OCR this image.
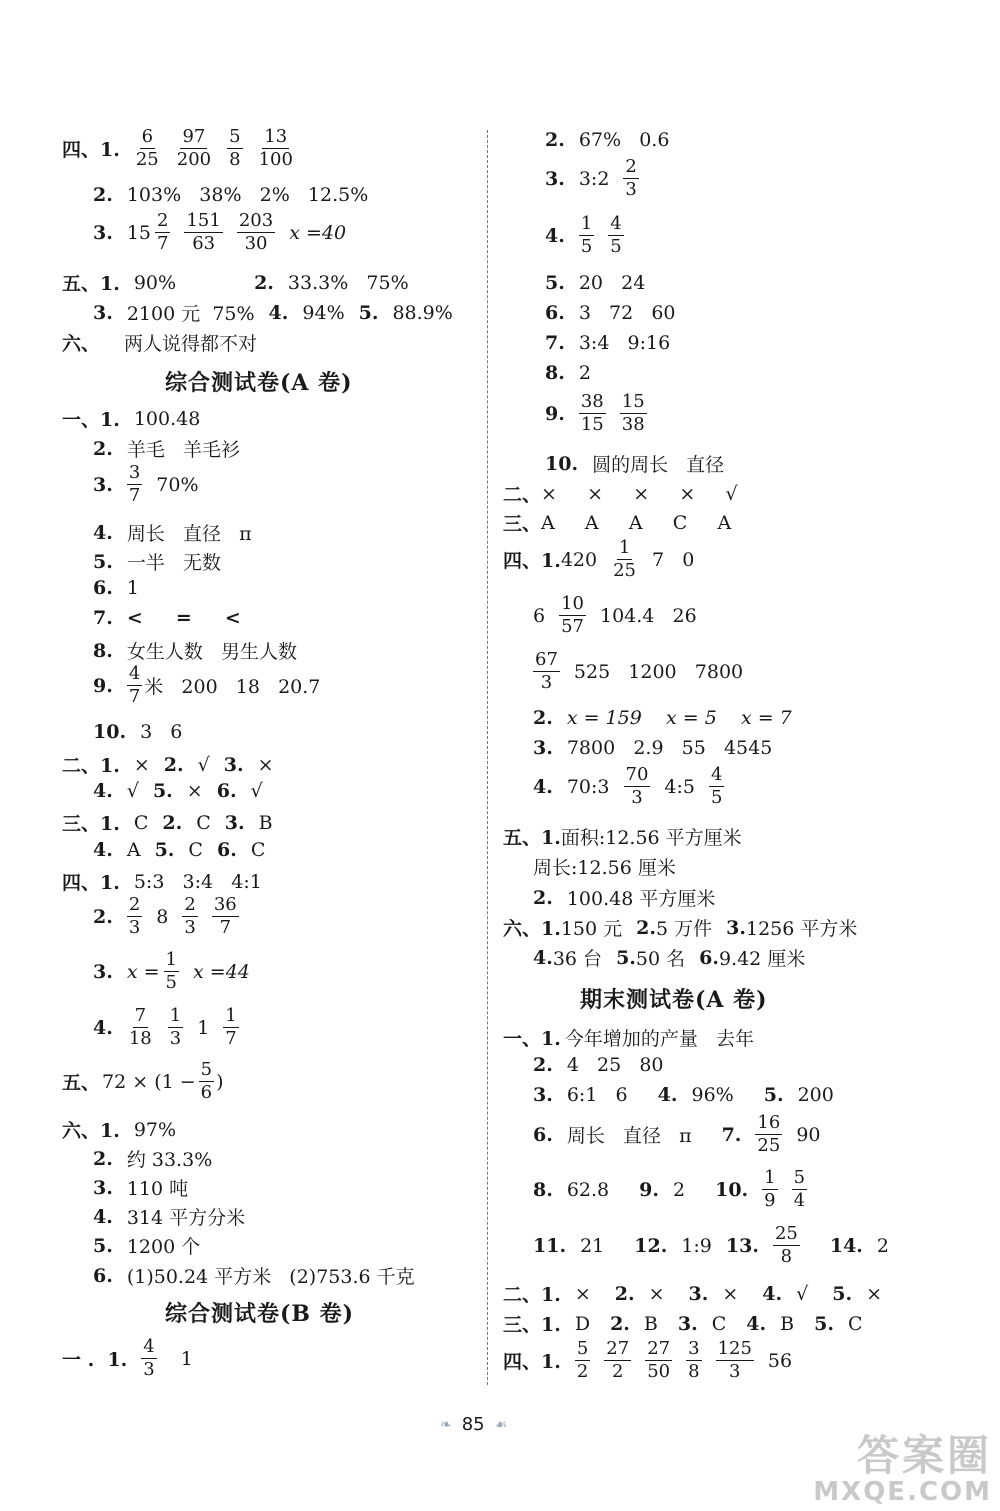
四、1.
6
25
97
200
5
8
13
100
2. 103%   38%   2%   12.5%
3. 15
2
7
151
63
203
30 x =40
五、1. 90%	2. 33.3%   75%
3. 2100 元  75% 4. 94% 5. 88.9%
六、 两人说得都不对
综合测试卷(A 卷)
一、1. 100.48
2. 羊毛   羊毛衫
3.
3
7 70%
4. 周长   直径   π
5. 一半   无数
6. 1
7. <     =     <
8. 女生人数   男生人数
9.
4
7 米   200   18   20.7
10. 3   6
二、1. × 2. √ 3. ×
4. √ 5. × 6. √
三、1. C 2. C 3. B
4. A 5. C 6. C
四、1. 5:3   3:4   4:1
2.
2
3 8
2
3
36
7
3. $x = \frac{1}{5}$ x =44
4.
7
18
1
3 1
1
7
五、 $72 \times (1 - \frac{5}{6}$ )
六、1. 97%
2. 约 33.3%
3. 110 吨
4. 314 平方分米
5. 1200 个
6. (1)50.24 平方米   (2)753.6 千克
综合测试卷(B 卷)
一 .  1.
4
3 1
2. 67%   0.6
3. 3:2
2
3
4.
1
5
4
5
5. 20   24
6. 3   72   60
7. 3:4   9:16
8. 2
9.
38
15
15
38
10. 圆的周长   直径
二、 ×     ×     ×     ×     √
三、 A     A     A     C     A
四、1. 420
1
25 7   0
6
10
57 104.4   26
67
3 525   1200   7800
2. x = 159    x = 5    x = 7
3. 7800   2.9   55   4545
4. 70:3
70
3 4:5
4
5
五、1. 面积:12.56 平方厘米
周长:12.56 厘米
2. 100.48 平方厘米
六、1. 150 元 2. 5 万件 3. 1256 平方米
4. 36 台 5. 50 名 6. 9.42 厘米
期末测试卷(A 卷)
一、1. 今年增加的产量   去年
2. 4   25   80
3. 6:1   6 4. 96% 5. 200
6. 周长   直径   π 7.
16
25 90
8. 62.8 9. 2 10.
1
9
5
4
11. 21 12. 1:9 13.
25
8 14. 2
二、1. × 2. × 3. × 4. √ 5. ×
三、1. D 2. B 3. C 4. B 5. C
四、1.
5
2
27
2
27
50
3
8
125
3 56
❧ 85 ☙
答案圈
MXQE.COM
